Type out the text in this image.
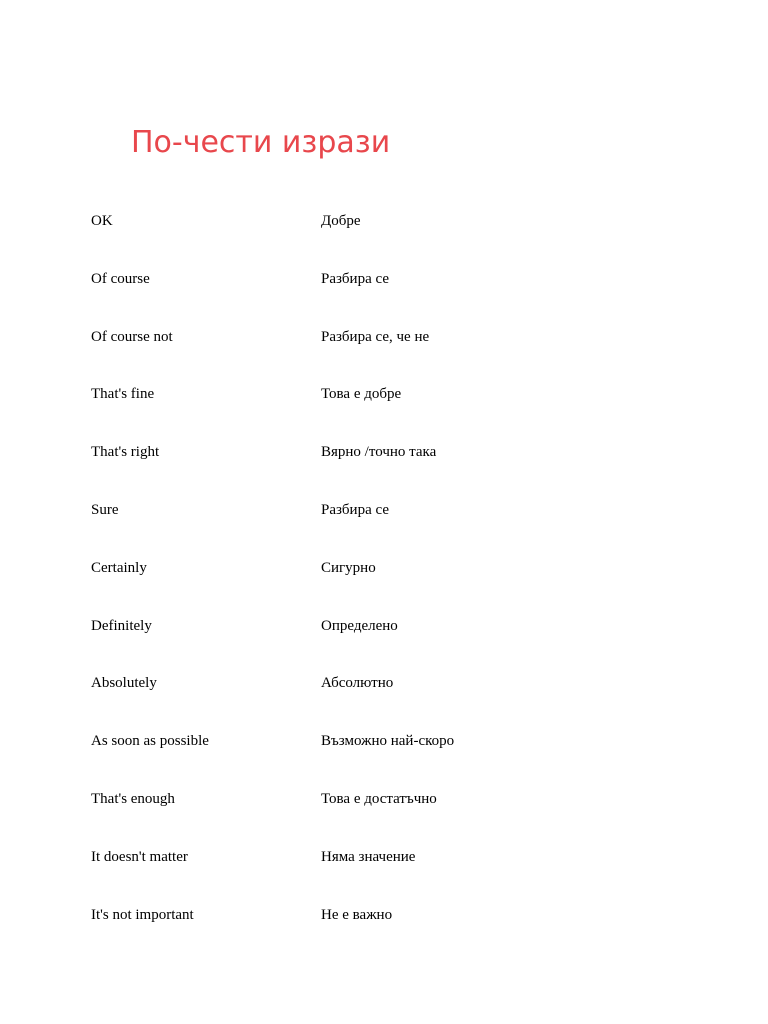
По-чести изрази
OK	Добре
Of course	Разбира се
Of course not	Разбира се, че не
That's fine	Това е добре
That's right	Вярно /точно така
Sure	Разбира се
Certainly	Сигурно
Definitely	Определено
Absolutely	Абсолютно
As soon as possible	Възможно най-скоро
That's enough	Това е достатъчно
It doesn't matter	Няма значение
It's not important	Не е важно
